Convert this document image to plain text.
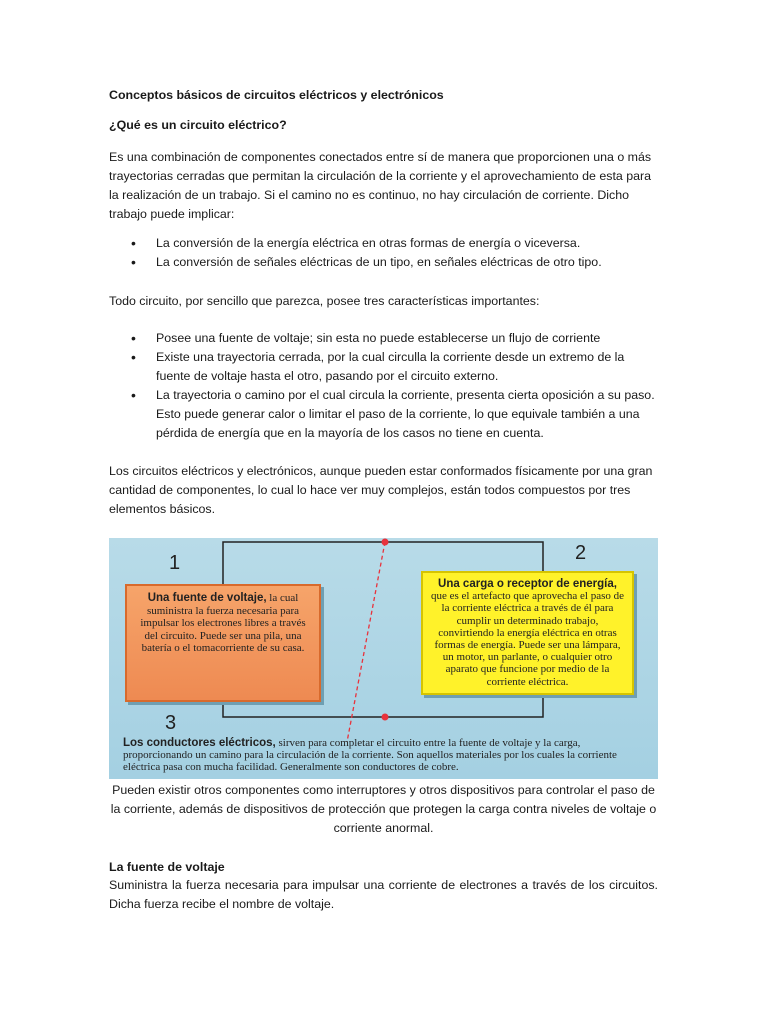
Conceptos básicos de circuitos eléctricos y electrónicos

¿Qué es un circuito eléctrico?

Es una combinación de componentes conectados entre sí de manera que proporcionen una o más trayectorias cerradas que permitan la circulación de la corriente y el aprovechamiento de esta para la realización de un trabajo. Si el camino no es continuo, no hay circulación de corriente. Dicho trabajo puede implicar:

• La conversión de la energía eléctrica en otras formas de energía o viceversa.
• La conversión de señales eléctricas de un tipo, en señales eléctricas de otro tipo.

Todo circuito, por sencillo que parezca, posee tres características importantes:

• Posee una fuente de voltaje; sin esta no puede establecerse un flujo de corriente
• Existe una trayectoria cerrada, por la cual circulla la corriente desde un extremo de la fuente de voltaje hasta el otro, pasando por el circuito externo.
• La trayectoria o camino por el cual circula la corriente, presenta cierta oposición a su paso. Esto puede generar calor o limitar el paso de la corriente, lo que equivale también a una pérdida de energía que en la mayoría de los casos no tiene en cuenta.

Los circuitos eléctricos y electrónicos, aunque pueden estar conformados físicamente por una gran cantidad de componentes, lo cual lo hace ver muy complejos, están todos compuestos por tres elementos básicos.

1	2
3
Una fuente de voltaje, la cual suministra la fuerza necesaria para impulsar los electrones libres a través del circuito. Puede ser una pila, una batería o el tomacorriente de su casa.
Una carga o receptor de energía, que es el artefacto que aprovecha el paso de la corriente eléctrica a través de él para cumplir un determinado trabajo, convirtiendo la energía eléctrica en otras formas de energía. Puede ser una lámpara, un motor, un parlante, o cualquier otro aparato que funcione por medio de la corriente eléctrica.
Los conductores eléctricos, sirven para completar el circuito entre la fuente de voltaje y la carga, proporcionando un camino para la circulación de la corriente. Son aquellos materiales por los cuales la corriente eléctrica pasa con mucha facilidad. Generalmente son conductores de cobre.

Pueden existir otros componentes como interruptores y otros dispositivos para controlar el paso de la corriente, además de dispositivos de protección que protegen la carga contra niveles de voltaje o corriente anormal.

La fuente de voltaje

Suministra la fuerza necesaria para impulsar una corriente de electrones a través de los circuitos. Dicha fuerza recibe el nombre de voltaje.
